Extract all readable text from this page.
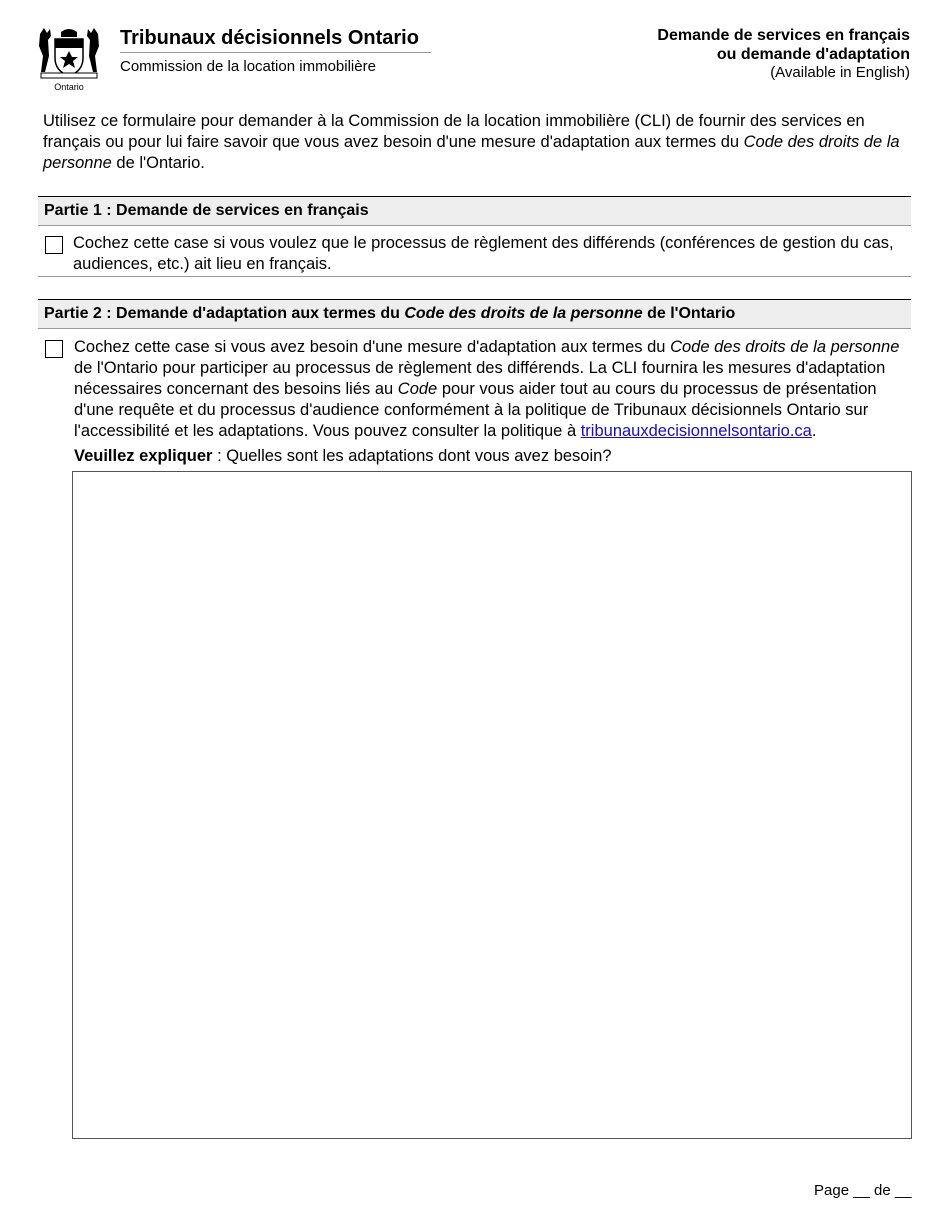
Ontario
Tribunaux décisionnels Ontario
Commission de la location immobilière
Demande de services en français
ou demande d'adaptation
(Available in English)
Utilisez ce formulaire pour demander à la Commission de la location immobilière (CLI) de fournir des services en français ou pour lui faire savoir que vous avez besoin d'une mesure d'adaptation aux termes du Code des droits de la personne de l'Ontario.
Partie 1 : Demande de services en français
Cochez cette case si vous voulez que le processus de règlement des différends (conférences de gestion du cas, audiences, etc.) ait lieu en français.
Partie 2 : Demande d'adaptation aux termes du Code des droits de la personne de l'Ontario
Cochez cette case si vous avez besoin d'une mesure d'adaptation aux termes du Code des droits de la personne de l'Ontario pour participer au processus de règlement des différends. La CLI fournira les mesures d'adaptation nécessaires concernant des besoins liés au Code pour vous aider tout au cours du processus de présentation d'une requête et du processus d'audience conformément à la politique de Tribunaux décisionnels Ontario sur l'accessibilité et les adaptations. Vous pouvez consulter la politique à tribunauxdecisionnelsontario.ca.
Veuillez expliquer : Quelles sont les adaptations dont vous avez besoin?
Page __ de __
